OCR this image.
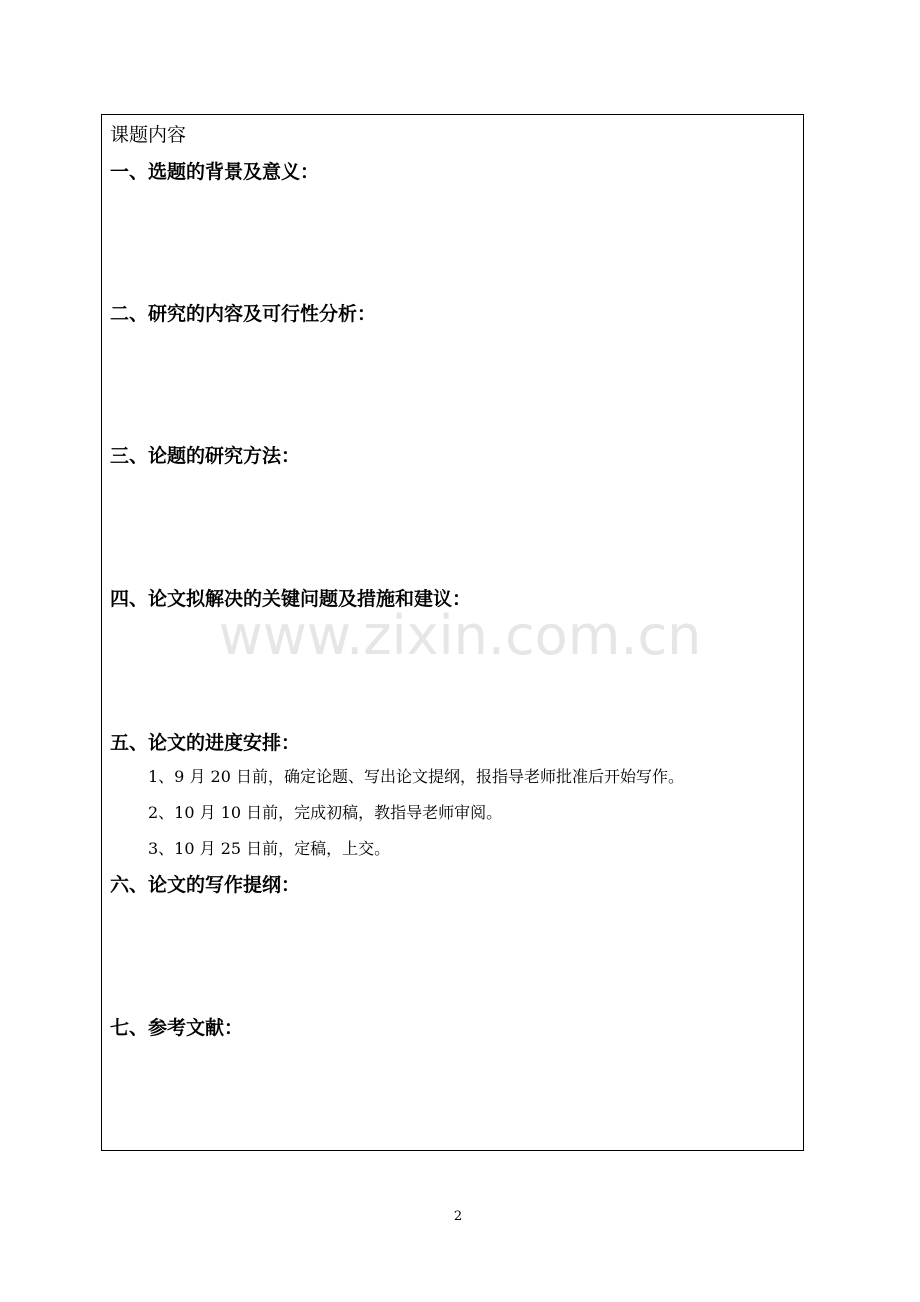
课题内容
一、选题的背景及意义：
二、研究的内容及可行性分析：
三、论题的研究方法：
四、论文拟解决的关键问题及措施和建议：
五、论文的进度安排：
1、9 月 20 日前，确定论题、写出论文提纲，报指导老师批准后开始写作。
2、10 月 10 日前，完成初稿，教指导老师审阅。
3、10 月 25 日前，定稿，上交。
六、论文的写作提纲：
七、参考文献：
www.zixin.com.cn
2
